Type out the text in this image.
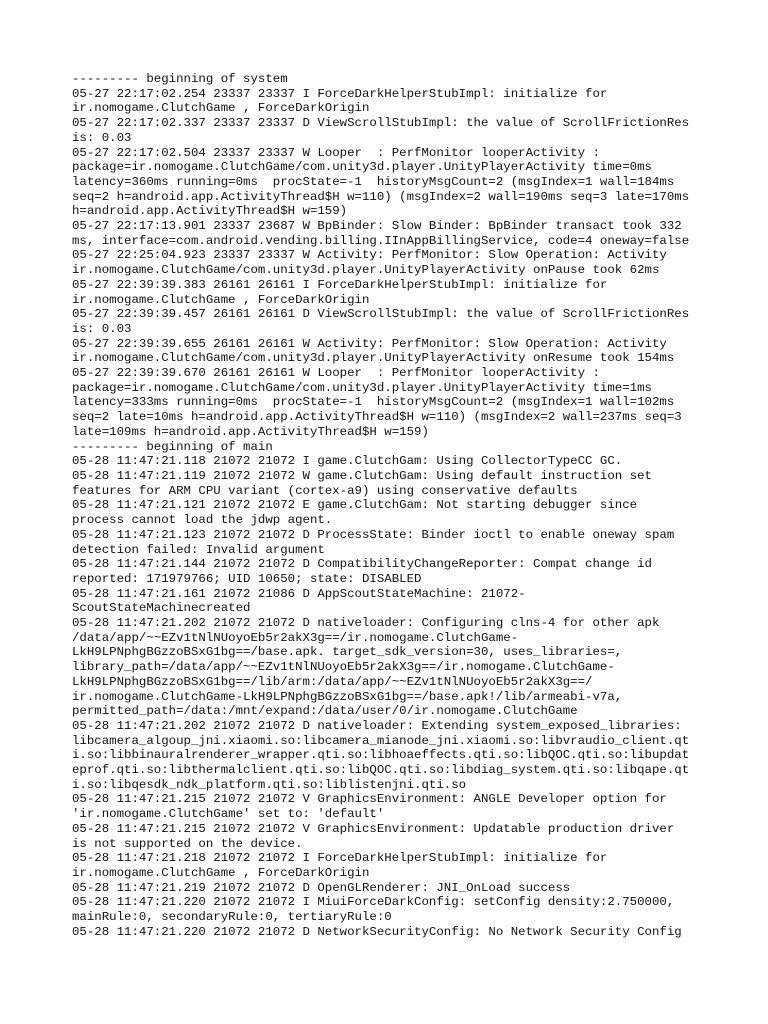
--------- beginning of system
05-27 22:17:02.254 23337 23337 I ForceDarkHelperStubImpl: initialize for
ir.nomogame.ClutchGame , ForceDarkOrigin
05-27 22:17:02.337 23337 23337 D ViewScrollStubImpl: the value of ScrollFrictionRes
is: 0.03
05-27 22:17:02.504 23337 23337 W Looper  : PerfMonitor looperActivity :
package=ir.nomogame.ClutchGame/com.unity3d.player.UnityPlayerActivity time=0ms
latency=360ms running=0ms  procState=-1  historyMsgCount=2 (msgIndex=1 wall=184ms
seq=2 h=android.app.ActivityThread$H w=110) (msgIndex=2 wall=190ms seq=3 late=170ms
h=android.app.ActivityThread$H w=159)
05-27 22:17:13.901 23337 23687 W BpBinder: Slow Binder: BpBinder transact took 332
ms, interface=com.android.vending.billing.IInAppBillingService, code=4 oneway=false
05-27 22:25:04.923 23337 23337 W Activity: PerfMonitor: Slow Operation: Activity
ir.nomogame.ClutchGame/com.unity3d.player.UnityPlayerActivity onPause took 62ms
05-27 22:39:39.383 26161 26161 I ForceDarkHelperStubImpl: initialize for
ir.nomogame.ClutchGame , ForceDarkOrigin
05-27 22:39:39.457 26161 26161 D ViewScrollStubImpl: the value of ScrollFrictionRes
is: 0.03
05-27 22:39:39.655 26161 26161 W Activity: PerfMonitor: Slow Operation: Activity
ir.nomogame.ClutchGame/com.unity3d.player.UnityPlayerActivity onResume took 154ms
05-27 22:39:39.670 26161 26161 W Looper  : PerfMonitor looperActivity :
package=ir.nomogame.ClutchGame/com.unity3d.player.UnityPlayerActivity time=1ms
latency=333ms running=0ms  procState=-1  historyMsgCount=2 (msgIndex=1 wall=102ms
seq=2 late=10ms h=android.app.ActivityThread$H w=110) (msgIndex=2 wall=237ms seq=3
late=109ms h=android.app.ActivityThread$H w=159)
--------- beginning of main
05-28 11:47:21.118 21072 21072 I game.ClutchGam: Using CollectorTypeCC GC.
05-28 11:47:21.119 21072 21072 W game.ClutchGam: Using default instruction set
features for ARM CPU variant (cortex-a9) using conservative defaults
05-28 11:47:21.121 21072 21072 E game.ClutchGam: Not starting debugger since
process cannot load the jdwp agent.
05-28 11:47:21.123 21072 21072 D ProcessState: Binder ioctl to enable oneway spam
detection failed: Invalid argument
05-28 11:47:21.144 21072 21072 D CompatibilityChangeReporter: Compat change id
reported: 171979766; UID 10650; state: DISABLED
05-28 11:47:21.161 21072 21086 D AppScoutStateMachine: 21072-
ScoutStateMachinecreated
05-28 11:47:21.202 21072 21072 D nativeloader: Configuring clns-4 for other apk
/data/app/~~EZv1tNlNUoyoEb5r2akX3g==/ir.nomogame.ClutchGame-
LkH9LPNphgBGzzoBSxG1bg==/base.apk. target_sdk_version=30, uses_libraries=,
library_path=/data/app/~~EZv1tNlNUoyoEb5r2akX3g==/ir.nomogame.ClutchGame-
LkH9LPNphgBGzzoBSxG1bg==/lib/arm:/data/app/~~EZv1tNlNUoyoEb5r2akX3g==/
ir.nomogame.ClutchGame-LkH9LPNphgBGzzoBSxG1bg==/base.apk!/lib/armeabi-v7a,
permitted_path=/data:/mnt/expand:/data/user/0/ir.nomogame.ClutchGame
05-28 11:47:21.202 21072 21072 D nativeloader: Extending system_exposed_libraries:
libcamera_algoup_jni.xiaomi.so:libcamera_mianode_jni.xiaomi.so:libvraudio_client.qt
i.so:libbinauralrenderer_wrapper.qti.so:libhoaeffects.qti.so:libQOC.qti.so:libupdat
eprof.qti.so:libthermalclient.qti.so:libQOC.qti.so:libdiag_system.qti.so:libqape.qt
i.so:libqesdk_ndk_platform.qti.so:liblistenjni.qti.so
05-28 11:47:21.215 21072 21072 V GraphicsEnvironment: ANGLE Developer option for
'ir.nomogame.ClutchGame' set to: 'default'
05-28 11:47:21.215 21072 21072 V GraphicsEnvironment: Updatable production driver
is not supported on the device.
05-28 11:47:21.218 21072 21072 I ForceDarkHelperStubImpl: initialize for
ir.nomogame.ClutchGame , ForceDarkOrigin
05-28 11:47:21.219 21072 21072 D OpenGLRenderer: JNI_OnLoad success
05-28 11:47:21.220 21072 21072 I MiuiForceDarkConfig: setConfig density:2.750000,
mainRule:0, secondaryRule:0, tertiaryRule:0
05-28 11:47:21.220 21072 21072 D NetworkSecurityConfig: No Network Security Config
